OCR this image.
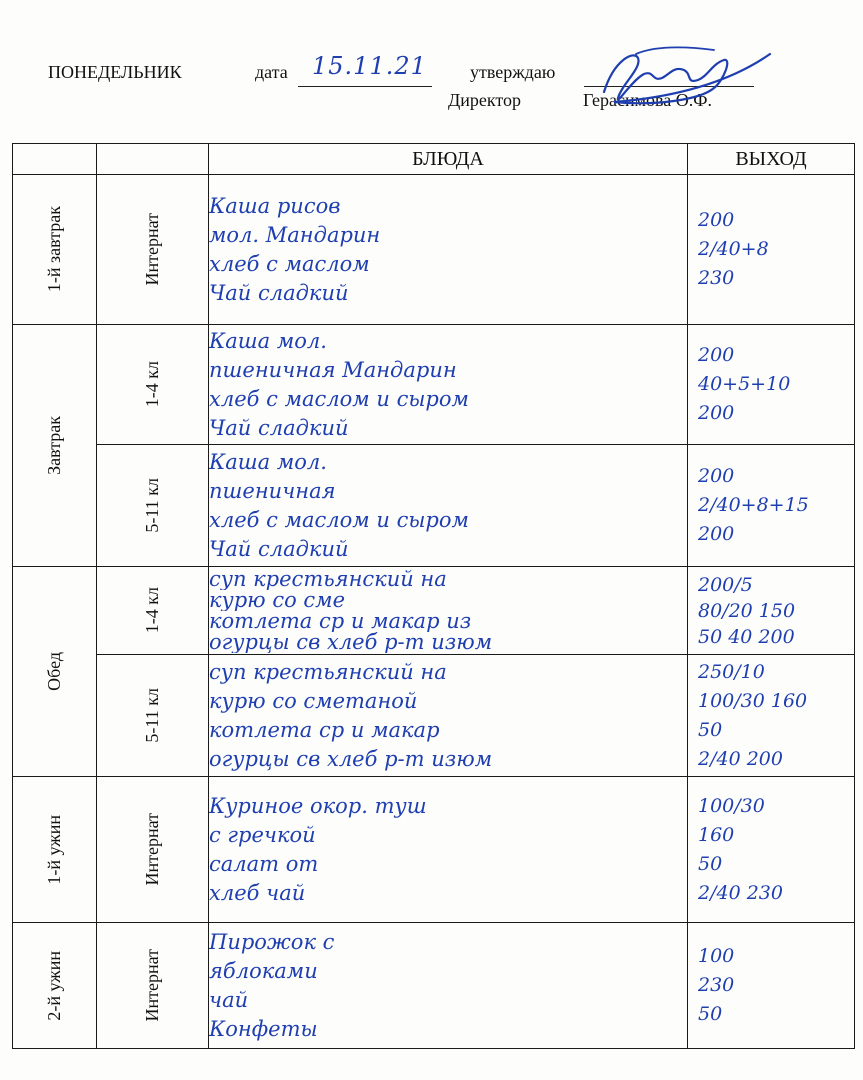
ПОНЕДЕЛЬНИК	дата 15.11.21 утверждаю
Директор	Герасимова О.Ф.
		БЛЮДА	ВЫХОД

1-й завтрак	Интернат	Каша рисов
мол. Мандарин
хлеб с маслом
Чай сладкий	200
2/40+8
230

Завтрак	1-4 кл	Каша мол.
пшеничная Мандарин
хлеб с маслом и сыром
Чай сладкий	200
40+5+10
200

	5-11 кл	Каша мол.
пшеничная
хлеб с маслом и сыром
Чай сладкий	200
2/40+8+15
200

Обед	1-4 кл	суп крестьянский на
курю со сме
котлета ср и макар из
огурцы св хлеб р-т изюм	200/5
80/20 150
50 40 200

	5-11 кл	суп крестьянский на
курю со сметаной
котлета ср и макар
огурцы св хлеб р-т изюм	250/10
100/30 160
50
2/40 200

1-й ужин	Интернат	Куриное окор. туш
с гречкой
салат от
хлеб чай	100/30
160
50
2/40 230

2-й ужин	Интернат	Пирожок с
яблоками
чай
Конфеты	100
230
50
